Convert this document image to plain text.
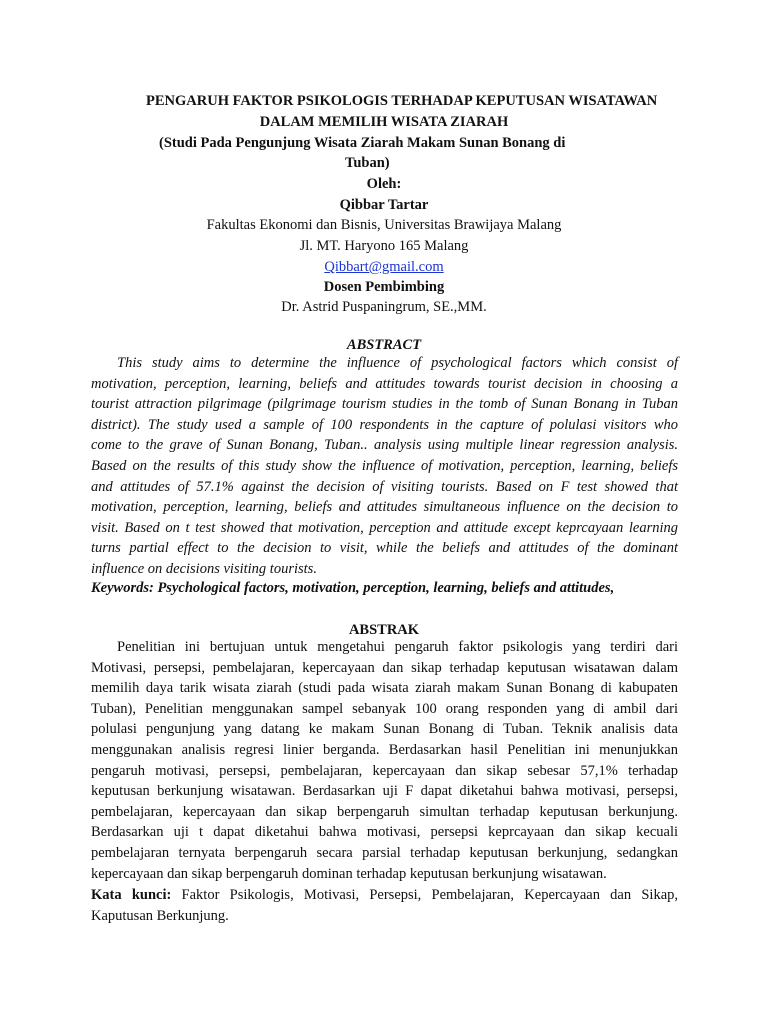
PENGARUH FAKTOR PSIKOLOGIS TERHADAP KEPUTUSAN WISATAWAN
DALAM MEMILIH WISATA ZIARAH
(Studi Pada Pengunjung Wisata Ziarah Makam Sunan Bonang di
Tuban)
Oleh:
Qibbar Tartar
Fakultas Ekonomi dan Bisnis, Universitas Brawijaya Malang
Jl. MT. Haryono 165 Malang
Qibbart@gmail.com
Dosen Pembimbing
Dr. Astrid Puspaningrum, SE.,MM.
ABSTRACT
This study aims to determine the influence of psychological factors which consist of
motivation, perception, learning, beliefs and attitudes towards tourist decision in choosing a
tourist attraction pilgrimage (pilgrimage tourism studies in the tomb of Sunan Bonang in Tuban
district). The study used a sample of 100 respondents in the capture of polulasi visitors who
come to the grave of Sunan Bonang, Tuban.. analysis using multiple linear regression analysis.
Based on the results of this study show the influence of motivation, perception, learning, beliefs
and attitudes of 57.1% against the decision of visiting tourists. Based on F test showed that
motivation, perception, learning, beliefs and attitudes simultaneous influence on the decision to
visit. Based on t test showed that motivation, perception and attitude except keprcayaan learning
turns partial effect to the decision to visit, while the beliefs and attitudes of the dominant
influence on decisions visiting tourists.
Keywords: Psychological factors, motivation, perception, learning, beliefs and attitudes,
ABSTRAK
Penelitian ini bertujuan untuk mengetahui pengaruh faktor psikologis yang terdiri dari
Motivasi, persepsi, pembelajaran, kepercayaan dan sikap terhadap keputusan wisatawan dalam
memilih daya tarik wisata ziarah (studi pada wisata ziarah makam Sunan Bonang di kabupaten
Tuban), Penelitian menggunakan sampel sebanyak 100 orang responden yang di ambil dari
polulasi pengunjung yang datang ke makam Sunan Bonang di Tuban. Teknik analisis data
menggunakan analisis regresi linier berganda. Berdasarkan hasil Penelitian ini menunjukkan
pengaruh motivasi, persepsi, pembelajaran, kepercayaan dan sikap sebesar 57,1% terhadap
keputusan berkunjung wisatawan. Berdasarkan uji F dapat diketahui bahwa motivasi, persepsi,
pembelajaran, kepercayaan dan sikap berpengaruh simultan terhadap keputusan berkunjung.
Berdasarkan uji t dapat diketahui bahwa motivasi, persepsi keprcayaan dan sikap kecuali
pembelajaran ternyata berpengaruh secara parsial terhadap keputusan berkunjung, sedangkan
kepercayaan dan sikap berpengaruh dominan terhadap keputusan berkunjung wisatawan.
Kata kunci: Faktor Psikologis, Motivasi, Persepsi, Pembelajaran, Kepercayaan dan Sikap,
Kaputusan Berkunjung.
